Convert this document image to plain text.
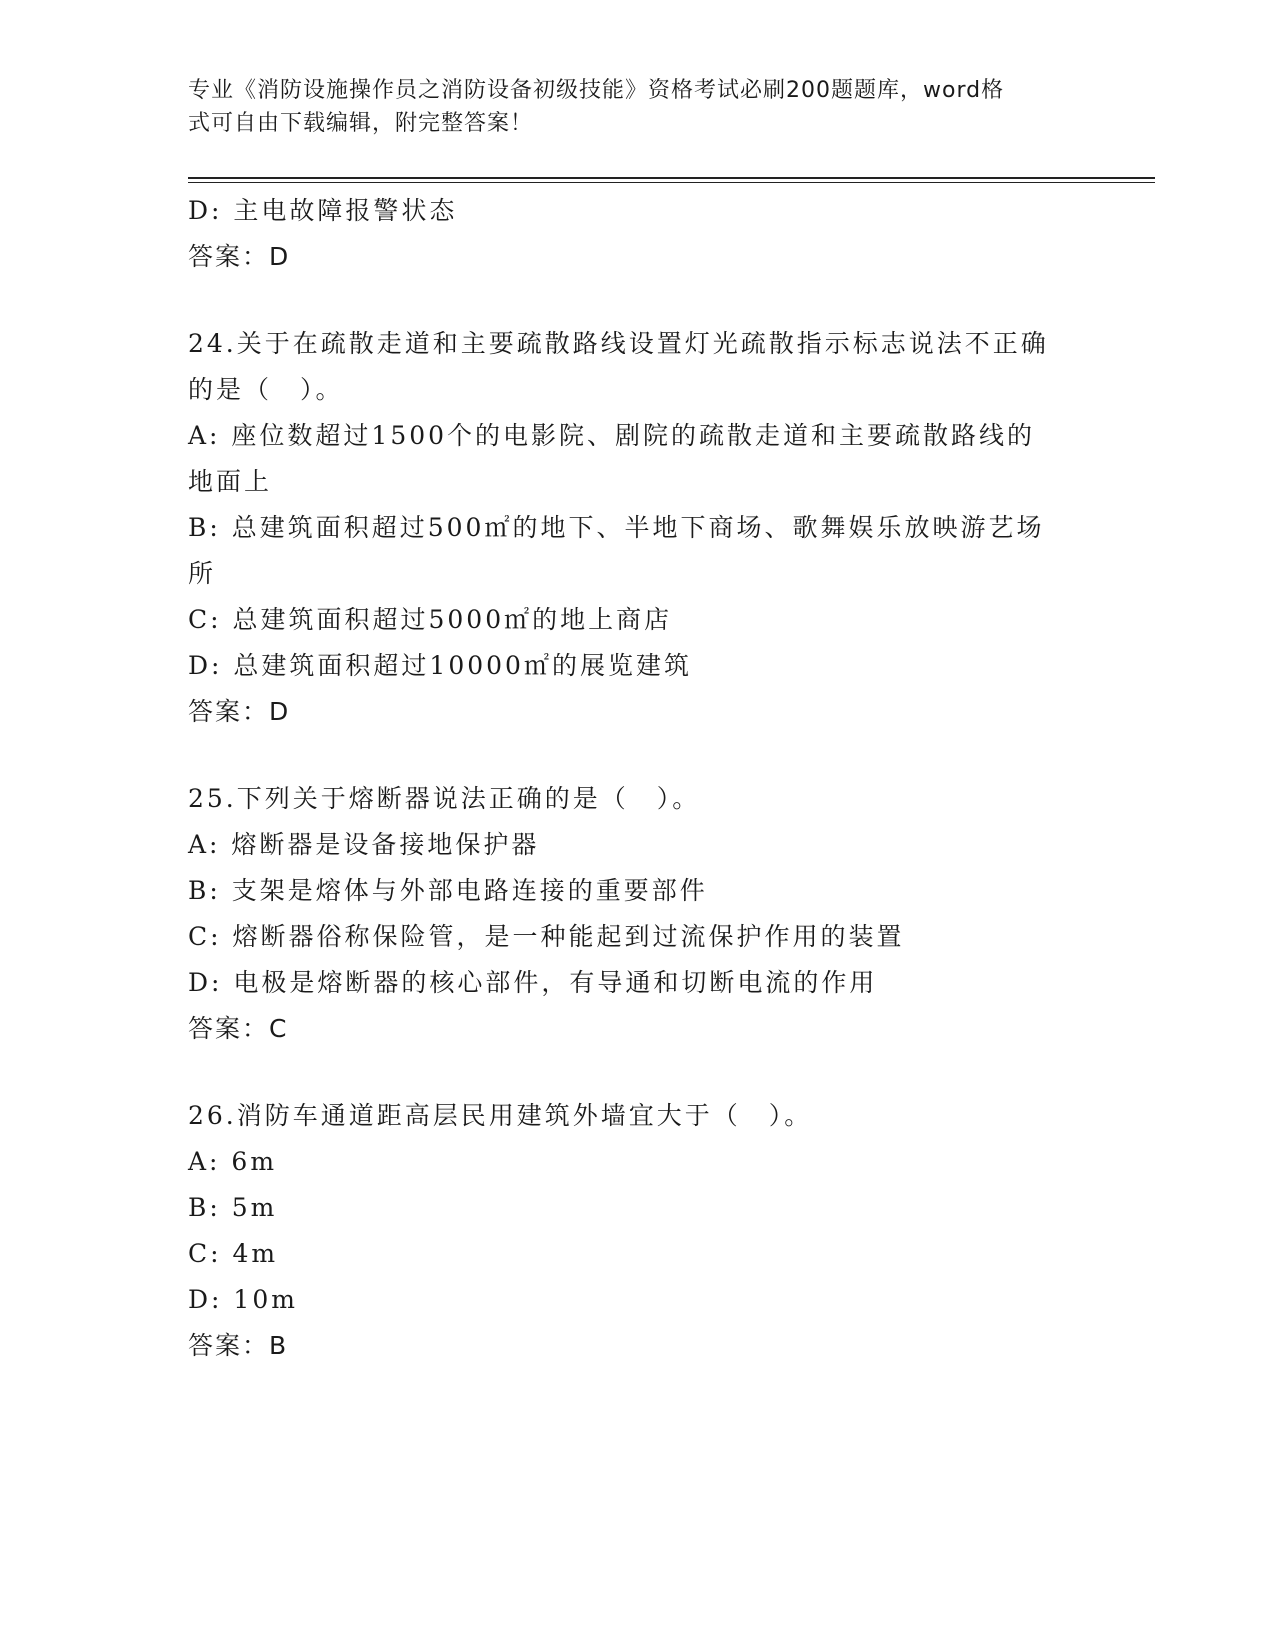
专业《消防设施操作员之消防设备初级技能》资格考试必刷200题题库，word格
式可自由下载编辑，附完整答案！
D: 主电故障报警状态
答案：D
24.关于在疏散走道和主要疏散路线设置灯光疏散指示标志说法不正确
的是（　）。
A: 座位数超过1500个的电影院、剧院的疏散走道和主要疏散路线的
地面上
B: 总建筑面积超过500㎡的地下、半地下商场、歌舞娱乐放映游艺场
所
C: 总建筑面积超过5000㎡的地上商店
D: 总建筑面积超过10000㎡的展览建筑
答案：D
25.下列关于熔断器说法正确的是（　）。
A: 熔断器是设备接地保护器
B: 支架是熔体与外部电路连接的重要部件
C: 熔断器俗称保险管，是一种能起到过流保护作用的装置
D: 电极是熔断器的核心部件，有导通和切断电流的作用
答案：C
26.消防车通道距高层民用建筑外墙宜大于（　）。
A: 6m
B: 5m
C: 4m
D: 10m
答案：B
